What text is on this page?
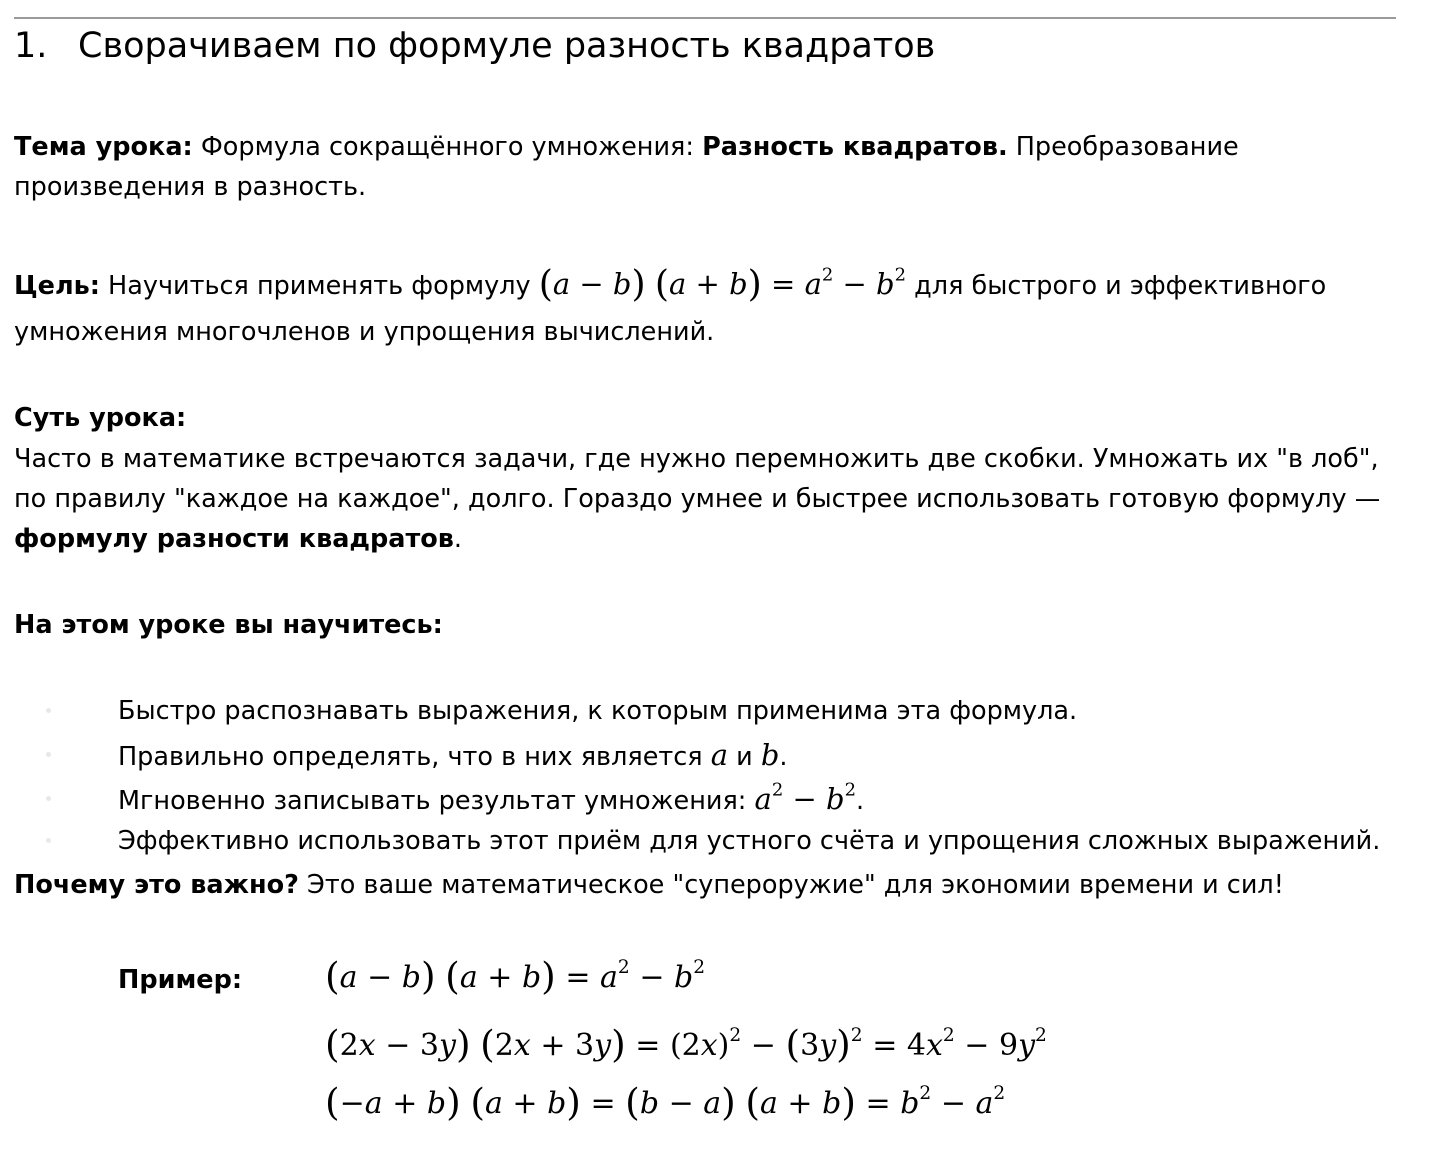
1. Сворачиваем по формуле разность квадратов

Тема урока: Формула сокращённого умножения: Разность квадратов. Преобразование

произведения в разность.

Цель: Научиться применять формулу (a − b) $(a + b) = a^2 - b^2$ для быстрого и эффективного

умножения многочленов и упрощения вычислений.

Суть урока:

Часто в математике встречаются задачи, где нужно перемножить две скобки. Умножать их "в лоб",

по правилу "каждое на каждое", долго. Гораздо умнее и быстрее использовать готовую формулу —

формулу разности квадратов.

На этом уроке вы научитесь:

Быстро распознавать выражения, к которым применима эта формула.
Правильно определять, что в них является a и b.
Мгновенно записывать результат умножения: $a^2 - b^2$.
Эффективно использовать этот приём для устного счёта и упрощения сложных выражений.

Почему это важно? Это ваше математическое "супероружие" для экономии времени и сил!

Пример: (a − b) $(a + b) = a^2 - b^2$
(2x − 3y) $(2x + 3y) = (2x)^2 - (3y)^2 = 4x^2 - 9y^2$
(−a + b) (a + b) = (b − a) $(a + b) = b^2 - a^2$
